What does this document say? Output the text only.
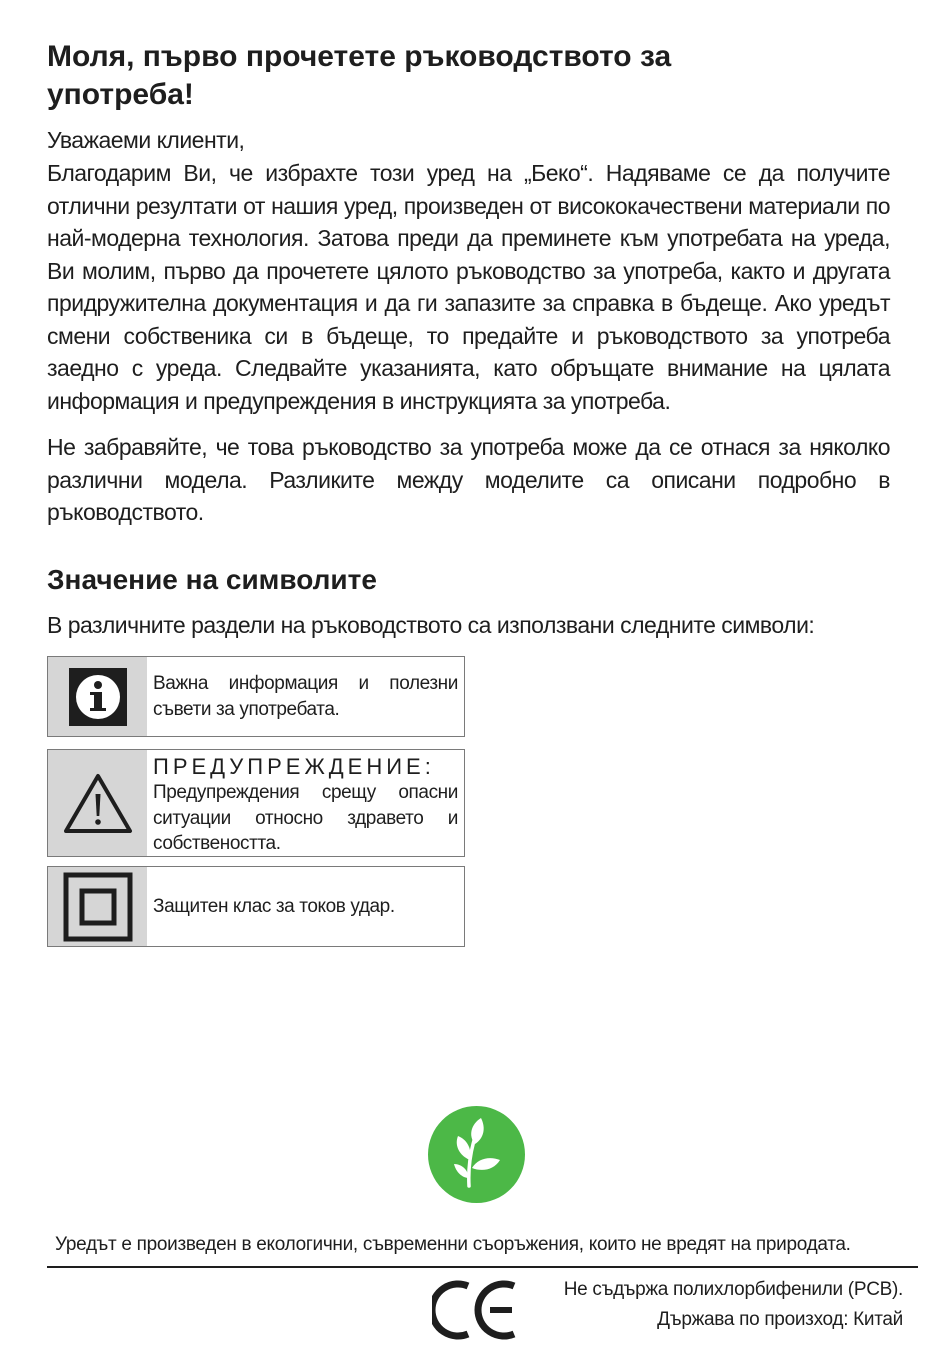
Моля, първо прочетете ръководството за употреба!

Уважаеми клиенти,

Благодарим Ви, че избрахте този уред на „Беко“. Надяваме се да получите отлични резултати от нашия уред, произведен от висококачествени материали по най-модерна технология. Затова преди да преминете към употребата на уреда, Ви молим, първо да прочетете цялото ръководство за употреба, както и другата придружителна документация и да ги запазите за справка в бъдеще. Ако уредът смени собственика си в бъдеще, то предайте и ръководството за употреба заедно с уреда. Следвайте указанията, като обръщате внимание на цялата информация и предупреждения в инструкцията за употреба.

Не забравяйте, че това ръководство за употреба може да се отнася за няколко различни модела. Разликите между моделите са описани подробно в ръководството.

Значение на символите

В различните раздели на ръководството са използвани следните символи:

Важна информация и полезни съвети за употребата.
ПРЕДУПРЕЖДЕНИЕ:
Предупреждения срещу опасни ситуации относно здравето и собствеността.
Защитен клас за токов удар.

Уредът е произведен в екологични, съвременни съоръжения, които не вредят на природата.

Не съдържа полихлорбифенили (PCB).

Държава по произход: Китай
